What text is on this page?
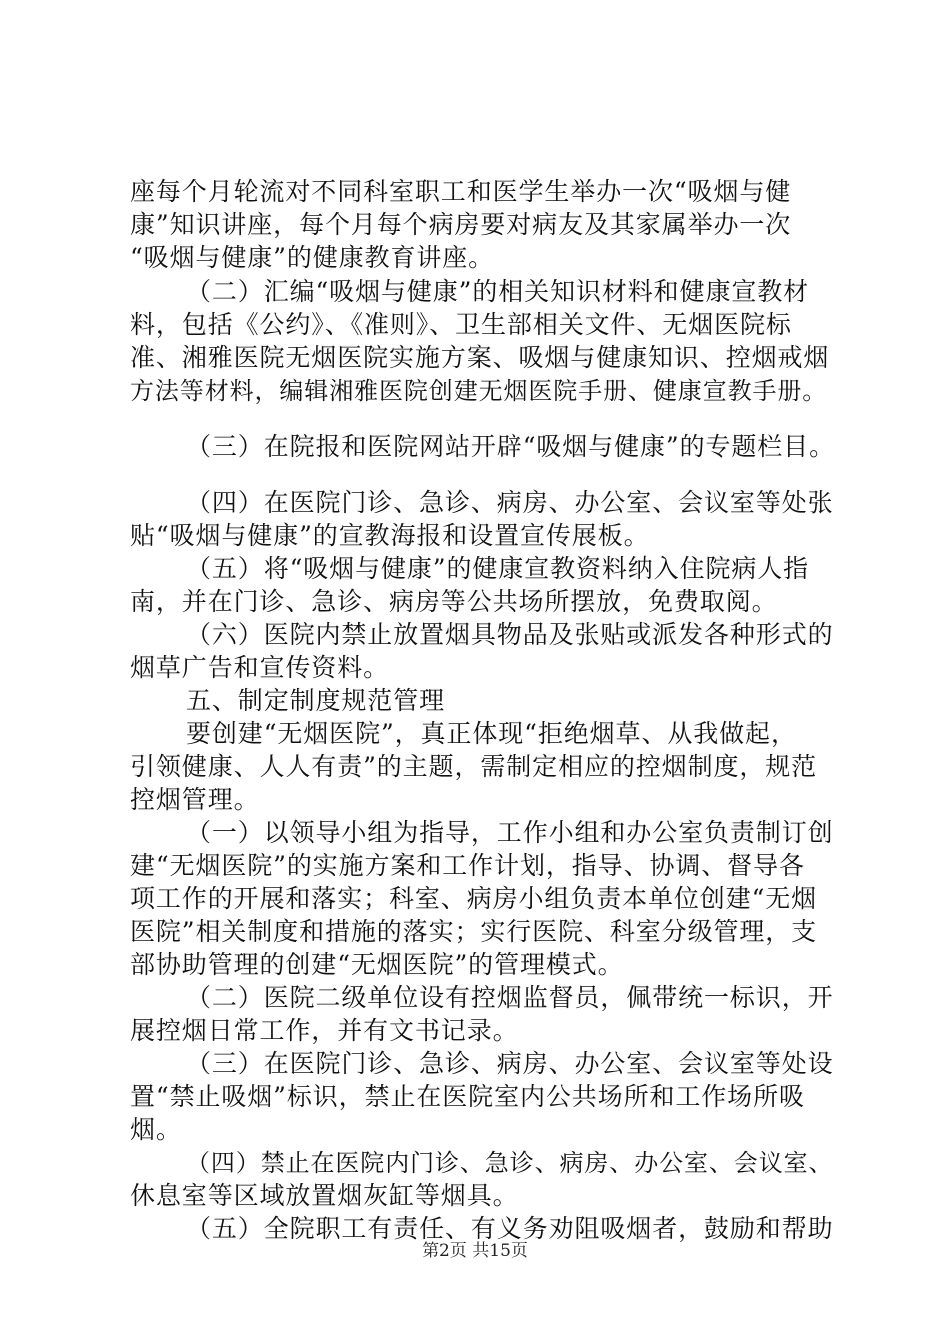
座每个月轮流对不同科室职工和医学生举办一次“吸烟与健
康”知识讲座，每个月每个病房要对病友及其家属举办一次
“吸烟与健康”的健康教育讲座。
（二）汇编“吸烟与健康”的相关知识材料和健康宣教材
料，包括《公约》、《准则》、卫生部相关文件、无烟医院标
准、湘雅医院无烟医院实施方案、吸烟与健康知识、控烟戒烟
方法等材料，编辑湘雅医院创建无烟医院手册、健康宣教手册。
（三）在院报和医院网站开辟“吸烟与健康”的专题栏目。
（四）在医院门诊、急诊、病房、办公室、会议室等处张
贴“吸烟与健康”的宣教海报和设置宣传展板。
（五）将“吸烟与健康”的健康宣教资料纳入住院病人指
南，并在门诊、急诊、病房等公共场所摆放，免费取阅。
（六）医院内禁止放置烟具物品及张贴或派发各种形式的
烟草广告和宣传资料。
五、制定制度规范管理
要创建“无烟医院”，真正体现“拒绝烟草、从我做起，
引领健康、人人有责”的主题，需制定相应的控烟制度，规范
控烟管理。
（一）以领导小组为指导，工作小组和办公室负责制订创
建“无烟医院”的实施方案和工作计划，指导、协调、督导各
项工作的开展和落实；科室、病房小组负责本单位创建“无烟
医院”相关制度和措施的落实；实行医院、科室分级管理，支
部协助管理的创建“无烟医院”的管理模式。
（二）医院二级单位设有控烟监督员，佩带统一标识，开
展控烟日常工作，并有文书记录。
（三）在医院门诊、急诊、病房、办公室、会议室等处设
置“禁止吸烟”标识，禁止在医院室内公共场所和工作场所吸
烟。
（四）禁止在医院内门诊、急诊、病房、办公室、会议室、
休息室等区域放置烟灰缸等烟具。
（五）全院职工有责任、有义务劝阻吸烟者，鼓励和帮助
第2页 共15页
